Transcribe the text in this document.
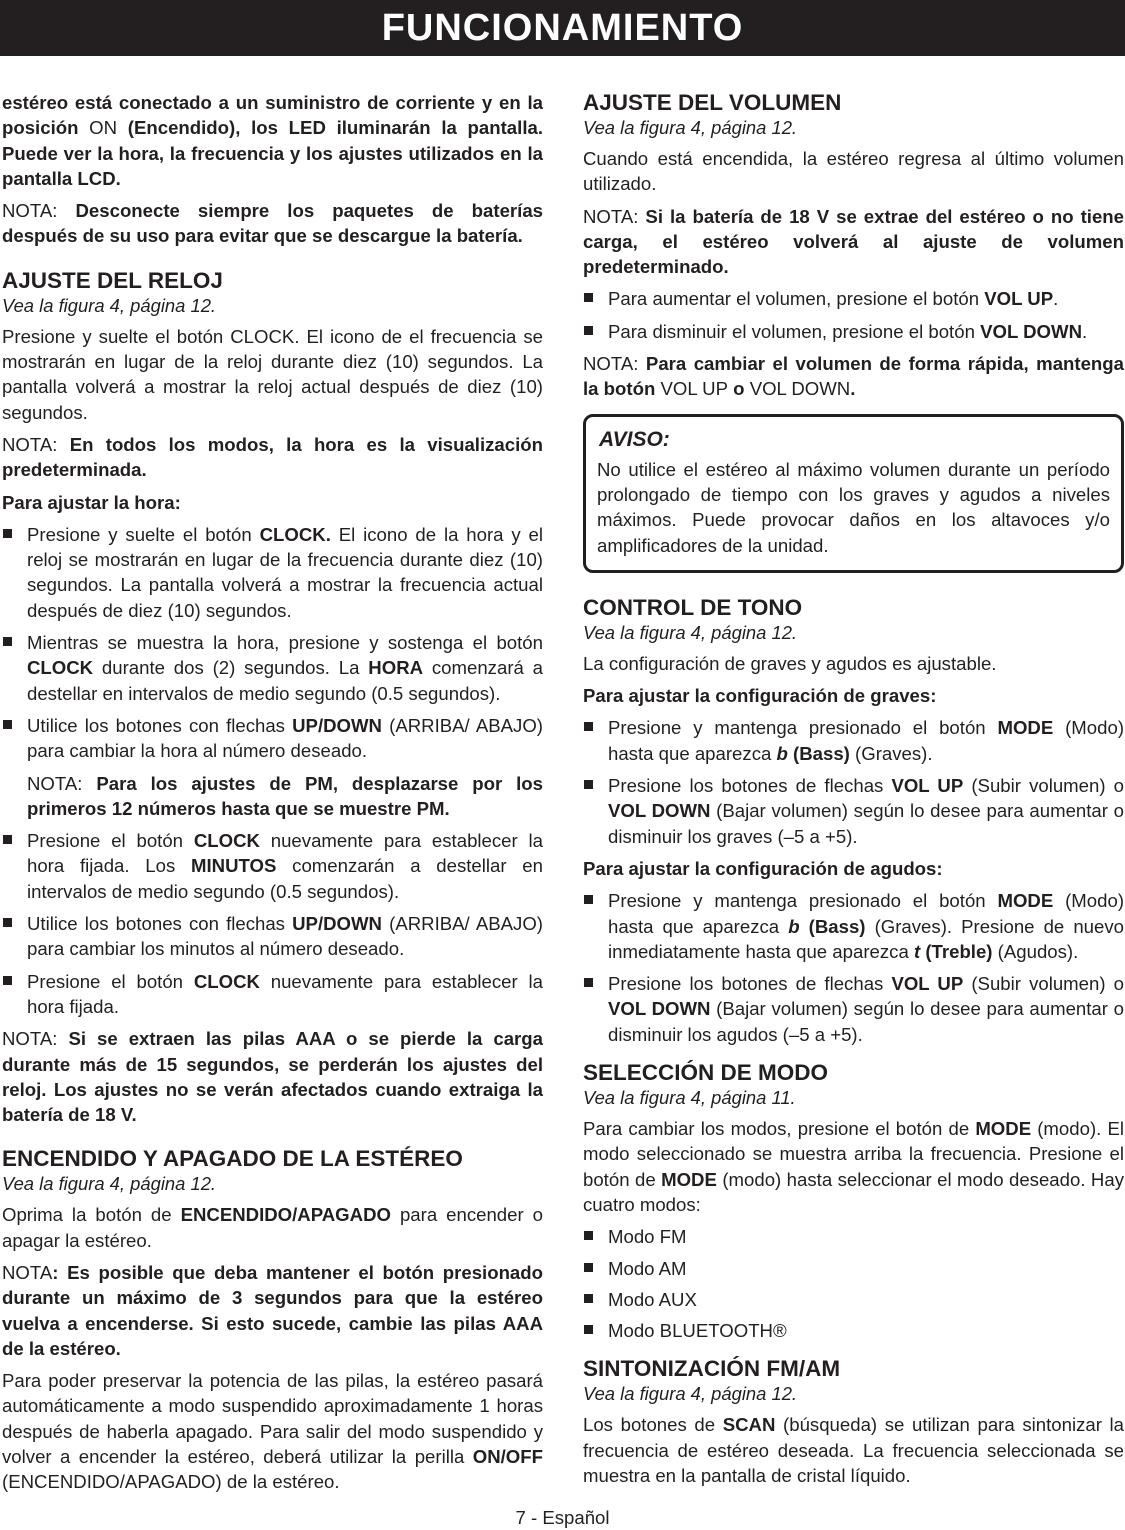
FUNCIONAMIENTO

estéreo está conectado a un suministro de corriente y en la posición ON (Encendido), los LED iluminarán la pantalla. Puede ver la hora, la frecuencia y los ajustes utilizados en la pantalla LCD.

NOTA: Desconecte siempre los paquetes de baterías después de su uso para evitar que se descargue la batería.

AJUSTE DEL RELOJ
Vea la figura 4, página 12.

Presione y suelte el botón CLOCK. El icono de el frecuencia se mostrarán en lugar de la reloj durante diez (10) segundos. La pantalla volverá a mostrar la reloj actual después de diez (10) segundos.

NOTA: En todos los modos, la hora es la visualización predeterminada.

Para ajustar la hora:

Presione y suelte el botón CLOCK. El icono de la hora y el reloj se mostrarán en lugar de la frecuencia durante diez (10) segundos. La pantalla volverá a mostrar la frecuencia actual después de diez (10) segundos.
Mientras se muestra la hora, presione y sostenga el botón CLOCK durante dos (2) segundos. La HORA comenzará a destellar en intervalos de medio segundo (0.5 segundos).
Utilice los botones con flechas UP/DOWN (ARRIBA/ ABAJO) para cambiar la hora al número deseado.
NOTA: Para los ajustes de PM, desplazarse por los primeros 12 números hasta que se muestre PM.
Presione el botón CLOCK nuevamente para establecer la hora fijada. Los MINUTOS comenzarán a destellar en intervalos de medio segundo (0.5 segundos).
Utilice los botones con flechas UP/DOWN (ARRIBA/ ABAJO) para cambiar los minutos al número deseado.
Presione el botón CLOCK nuevamente para establecer la hora fijada.

NOTA: Si se extraen las pilas AAA o se pierde la carga durante más de 15 segundos, se perderán los ajustes del reloj. Los ajustes no se verán afectados cuando extraiga la batería de 18 V.

ENCENDIDO Y APAGADO DE LA ESTÉREO
Vea la figura 4, página 12.

Oprima la botón de ENCENDIDO/APAGADO para encender o apagar la estéreo.

NOTA: Es posible que deba mantener el botón presionado durante un máximo de 3 segundos para que la estéreo vuelva a encenderse. Si esto sucede, cambie las pilas AAA de la estéreo.

Para poder preservar la potencia de las pilas, la estéreo pasará automáticamente a modo suspendido aproximadamente 1 horas después de haberla apagado. Para salir del modo suspendido y volver a encender la estéreo, deberá utilizar la perilla ON/OFF (ENCENDIDO/APAGADO) de la estéreo.

AJUSTE DEL VOLUMEN
Vea la figura 4, página 12.

Cuando está encendida, la estéreo regresa al último volumen utilizado.

NOTA: Si la batería de 18 V se extrae del estéreo o no tiene carga, el estéreo volverá al ajuste de volumen predeterminado.

Para aumentar el volumen, presione el botón VOL UP.
Para disminuir el volumen, presione el botón VOL DOWN.

NOTA: Para cambiar el volumen de forma rápida, mantenga la botón VOL UP o VOL DOWN.

AVISO:

No utilice el estéreo al máximo volumen durante un período prolongado de tiempo con los graves y agudos a niveles máximos. Puede provocar daños en los altavoces y/o amplificadores de la unidad.

CONTROL DE TONO
Vea la figura 4, página 12.

La configuración de graves y agudos es ajustable.

Para ajustar la configuración de graves:

Presione y mantenga presionado el botón MODE (Modo) hasta que aparezca b (Bass) (Graves).
Presione los botones de flechas VOL UP (Subir volumen) o VOL DOWN (Bajar volumen) según lo desee para aumentar o disminuir los graves (–5 a +5).

Para ajustar la configuración de agudos:

Presione y mantenga presionado el botón MODE (Modo) hasta que aparezca b (Bass) (Graves). Presione de nuevo inmediatamente hasta que aparezca t (Treble) (Agudos).
Presione los botones de flechas VOL UP (Subir volumen) o VOL DOWN (Bajar volumen) según lo desee para aumentar o disminuir los agudos (–5 a +5).
SELECCIÓN DE MODO
Vea la figura 4, página 11.

Para cambiar los modos, presione el botón de MODE (modo). El modo seleccionado se muestra arriba la frecuencia. Presione el botón de MODE (modo) hasta seleccionar el modo deseado. Hay cuatro modos:

Modo FM
Modo AM
Modo AUX
Modo BLUETOOTH®
SINTONIZACIÓN FM/AM
Vea la figura 4, página 12.

Los botones de SCAN (búsqueda) se utilizan para sintonizar la frecuencia de estéreo deseada. La frecuencia seleccionada se muestra en la pantalla de cristal líquido.

7 - Español
